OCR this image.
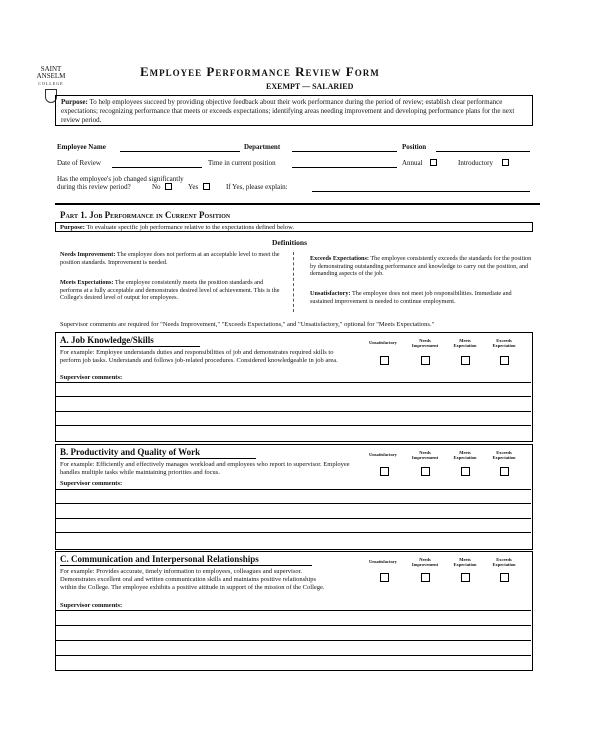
SAINT
ANSELM
COLLEGE
Employee Performance Review Form
EXEMPT — SALARIED
Purpose: To help employees succeed by providing objective feedback about their work performance during the period of review; establish clear performance expectations; recognizing performance that meets or exceeds expectations; identifying areas needing improvement and developing performance plans for the next review period.
Employee Name	Department	Position
Date of Review	Time in current position	Annual	Introductory
Has the employee's job changed significantly
during this review period?	No	Yes	If Yes, please explain:
Part 1. Job Performance in Current Position
Purpose: To evaluate specific job performance relative to the expectations defined below.
Definitions
Needs Improvement: The employee does not perform at an acceptable level to meet the position standards. Improvement is needed.
Meets Expectations: The employee consistently meets the position standards and performs at a fully acceptable and demonstrates desired level of achievement. This is the College's desired level of output for employees.
Exceeds Expectations: The employee consistently exceeds the standards for the position by demonstrating outstanding performance and knowledge to carry out the position, and demanding aspects of the job.
Unsatisfactory: The employee does not meet job responsibilities. Immediate and sustained improvement is needed to continue employment.
Supervisor comments are required for "Needs Improvement," "Exceeds Expectations," and "Unsatisfactory," optional for "Meets Expectations."
A. Job Knowledge/Skills
For example: Employee understands duties and responsibilities of job and demonstrates required skills to perform job tasks. Understands and follows job-related procedures. Considered knowledgeable in job area.
Supervisor comments:
Unsatisfactory	Needs Improvement
Meets Expectation
Exceeds Expectation
B. Productivity and Quality of Work
For example: Efficiently and effectively manages workload and employees who report to supervisor. Employee handles multiple tasks while maintaining priorities and focus.
Supervisor comments:
Unsatisfactory	Needs Improvement
Meets Expectation
Exceeds Expectation
C. Communication and Interpersonal Relationships
For example: Provides accurate, timely information to employees, colleagues and supervisor. Demonstrates excellent oral and written communication skills and maintains positive relationships within the College. The employee exhibits a positive attitude in support of the mission of the College.
Supervisor comments:
Unsatisfactory	Needs Improvement
Meets Expectation
Exceeds Expectation
